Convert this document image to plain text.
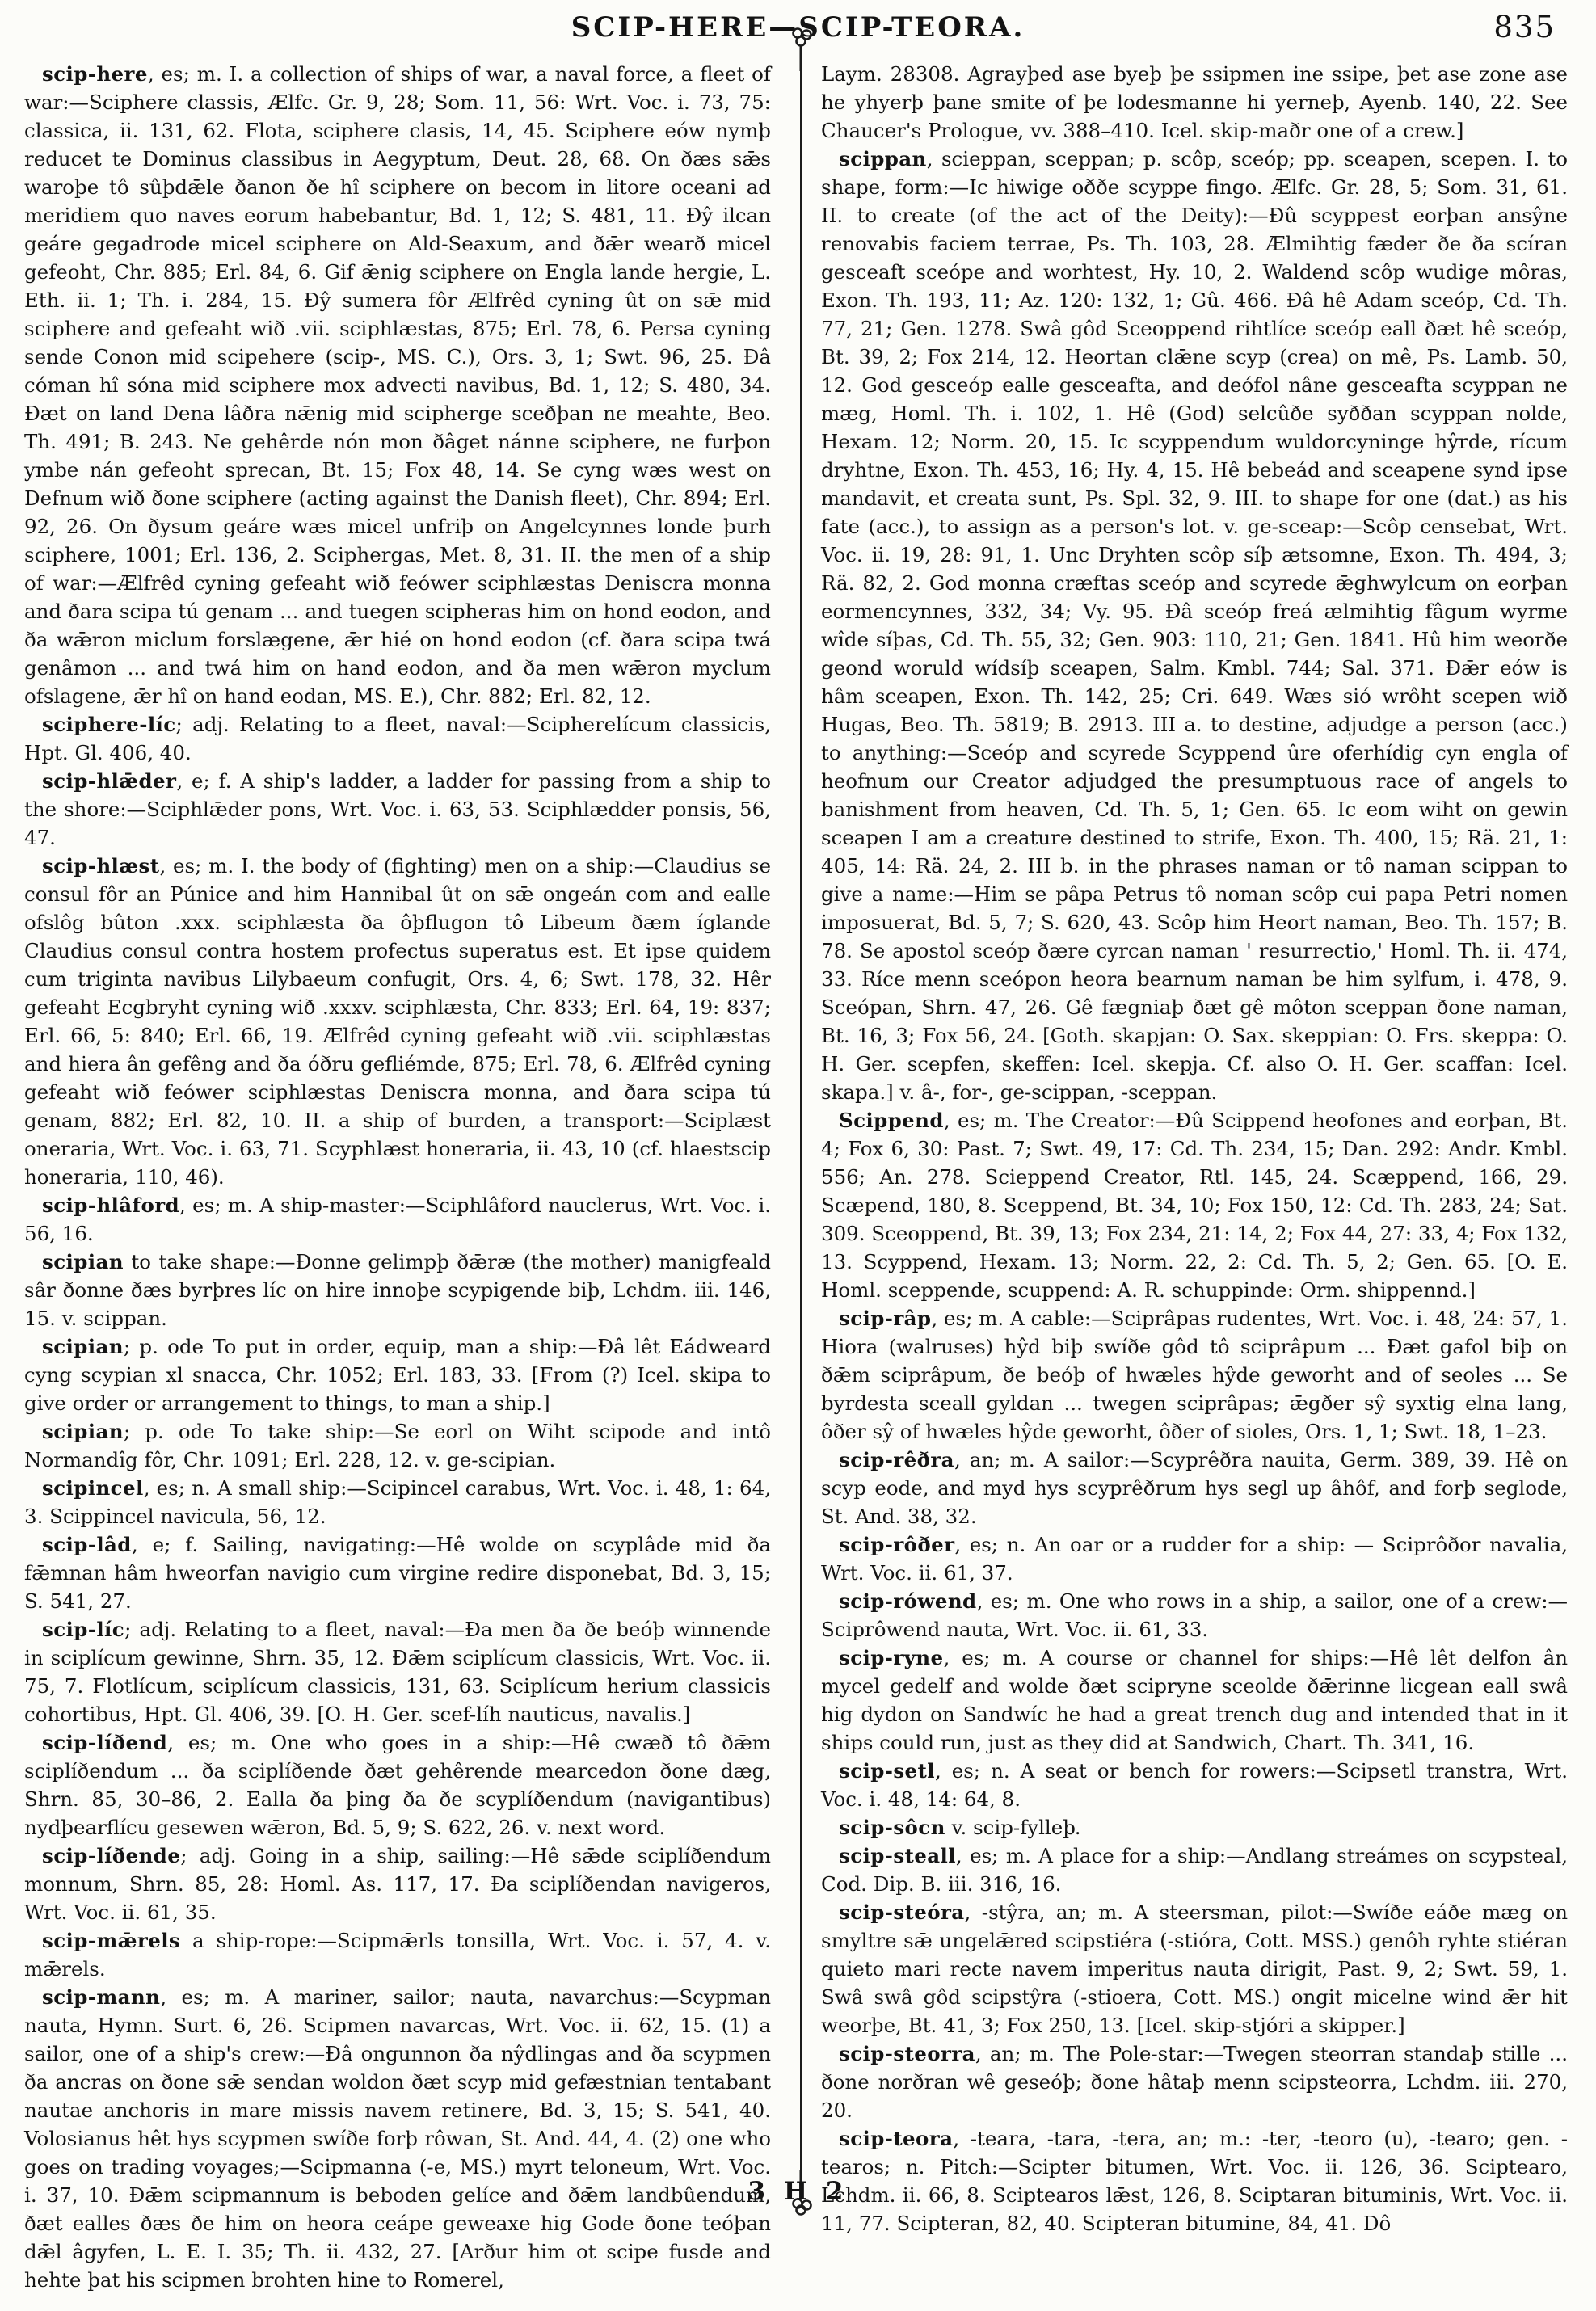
SCIP-HERE—SCIP-TEORA.	835

scip-here, es; m. I. a collection of ships of war, a naval force, a fleet of war:—Sciphere classis, Ælfc. Gr. 9, 28; Som. 11, 56: Wrt. Voc. i. 73, 75: classica, ii. 131, 62. Flota, sciphere clasis, 14, 45. Sciphere eów nymþ reducet te Dominus classibus in Aegyptum, Deut. 28, 68. On ðæs sǣs waroþe tô sûþdǣle ðanon ðe hî sciphere on becom in litore oceani ad meridiem quo naves eorum habebantur, Bd. 1, 12; S. 481, 11. Ðŷ ilcan geáre gegadrode micel sciphere on Ald-Seaxum, and ðǣr wearð micel gefeoht, Chr. 885; Erl. 84, 6. Gif ǣnig sciphere on Engla lande hergie, L. Eth. ii. 1; Th. i. 284, 15. Ðŷ sumera fôr Ælfrêd cyning ût on sǣ mid sciphere and gefeaht wið .vii. sciphlæstas, 875; Erl. 78, 6. Persa cyning sende Conon mid scipehere (scip-, MS. C.), Ors. 3, 1; Swt. 96, 25. Ðâ cóman hî sóna mid sciphere mox advecti navibus, Bd. 1, 12; S. 480, 34. Ðæt on land Dena lâðra nǣnig mid scipherge sceðþan ne meahte, Beo. Th. 491; B. 243. Ne gehêrde nón mon ðâget nánne sciphere, ne furþon ymbe nán gefeoht sprecan, Bt. 15; Fox 48, 14. Se cyng wæs west on Defnum wið ðone sciphere (acting against the Danish fleet), Chr. 894; Erl. 92, 26. On ðysum geáre wæs micel unfriþ on Angelcynnes londe þurh sciphere, 1001; Erl. 136, 2. Sciphergas, Met. 8, 31. II. the men of a ship of war:—Ælfrêd cyning gefeaht wið feówer sciphlæstas Deniscra monna and ðara scipa tú genam ... and tuegen scipheras him on hond eodon, and ða wǣron miclum forslægene, ǣr hié on hond eodon (cf. ðara scipa twá genâmon ... and twá him on hand eodon, and ða men wǣron myclum ofslagene, ǣr hî on hand eodan, MS. E.), Chr. 882; Erl. 82, 12.

sciphere-líc; adj. Relating to a fleet, naval:—Scipherelícum classicis, Hpt. Gl. 406, 40.

scip-hlǣder, e; f. A ship's ladder, a ladder for passing from a ship to the shore:—Sciphlǣder pons, Wrt. Voc. i. 63, 53. Sciphlædder ponsis, 56, 47.

scip-hlæst, es; m. I. the body of (fighting) men on a ship:—Claudius se consul fôr an Púnice and him Hannibal ût on sǣ ongeán com and ealle ofslôg bûton .xxx. sciphlæsta ða ôþflugon tô Libeum ðæm íglande Claudius consul contra hostem profectus superatus est. Et ipse quidem cum triginta navibus Lilybaeum confugit, Ors. 4, 6; Swt. 178, 32. Hêr gefeaht Ecgbryht cyning wið .xxxv. sciphlæsta, Chr. 833; Erl. 64, 19: 837; Erl. 66, 5: 840; Erl. 66, 19. Ælfrêd cyning gefeaht wið .vii. sciphlæstas and hiera ân gefêng and ða óðru gefliémde, 875; Erl. 78, 6. Ælfrêd cyning gefeaht wið feówer sciphlæstas Deniscra monna, and ðara scipa tú genam, 882; Erl. 82, 10. II. a ship of burden, a transport:—Sciplæst oneraria, Wrt. Voc. i. 63, 71. Scyphlæst honeraria, ii. 43, 10 (cf. hlaestscip honeraria, 110, 46).

scip-hlâford, es; m. A ship-master:—Sciphlâford nauclerus, Wrt. Voc. i. 56, 16.

scipian to take shape:—Ðonne gelimpþ ðǣræ (the mother) manigfeald sâr ðonne ðæs byrþres líc on hire innoþe scypigende biþ, Lchdm. iii. 146, 15. v. scippan.

scipian; p. ode To put in order, equip, man a ship:—Ðâ lêt Eádweard cyng scypian xl snacca, Chr. 1052; Erl. 183, 33. [From (?) Icel. skipa to give order or arrangement to things, to man a ship.]

scipian; p. ode To take ship:—Se eorl on Wiht scipode and intô Normandîg fôr, Chr. 1091; Erl. 228, 12. v. ge-scipian.

scipincel, es; n. A small ship:—Scipincel carabus, Wrt. Voc. i. 48, 1: 64, 3. Scippincel navicula, 56, 12.

scip-lâd, e; f. Sailing, navigating:—Hê wolde on scyplâde mid ða fǣmnan hâm hweorfan navigio cum virgine redire disponebat, Bd. 3, 15; S. 541, 27.

scip-líc; adj. Relating to a fleet, naval:—Ða men ða ðe beóþ winnende in sciplícum gewinne, Shrn. 35, 12. Ðǣm sciplícum classicis, Wrt. Voc. ii. 75, 7. Flotlícum, sciplícum classicis, 131, 63. Sciplícum herium classicis cohortibus, Hpt. Gl. 406, 39. [O. H. Ger. scef-líh nauticus, navalis.]

scip-líðend, es; m. One who goes in a ship:—Hê cwæð tô ðǣm sciplíðendum ... ða sciplíðende ðæt gehêrende mearcedon ðone dæg, Shrn. 85, 30–86, 2. Ealla ða þing ða ðe scyplíðendum (navigantibus) nydþearflícu gesewen wǣron, Bd. 5, 9; S. 622, 26. v. next word.

scip-líðende; adj. Going in a ship, sailing:—Hê sǣde sciplíðendum monnum, Shrn. 85, 28: Homl. As. 117, 17. Ða sciplíðendan navigeros, Wrt. Voc. ii. 61, 35.

scip-mǣrels a ship-rope:—Scipmǣrls tonsilla, Wrt. Voc. i. 57, 4. v. mǣrels.

scip-mann, es; m. A mariner, sailor; nauta, navarchus:—Scypman nauta, Hymn. Surt. 6, 26. Scipmen navarcas, Wrt. Voc. ii. 62, 15. (1) a sailor, one of a ship's crew:—Ðâ ongunnon ða nŷdlingas and ða scypmen ða ancras on ðone sǣ sendan woldon ðæt scyp mid gefæstnian tentabant nautae anchoris in mare missis navem retinere, Bd. 3, 15; S. 541, 40. Volosianus hêt hys scypmen swíðe forþ rôwan, St. And. 44, 4. (2) one who goes on trading voyages;—Scipmanna (-e, MS.) myrt teloneum, Wrt. Voc. i. 37, 10. Ðǣm scipmannum is beboden gelíce and ðǣm landbûendum, ðæt ealles ðæs ðe him on heora ceápe geweaxe hig Gode ðone teóþan dǣl âgyfen, L. E. I. 35; Th. ii. 432, 27. [Arður him ot scipe fusde and hehte þat his scipmen brohten hine to Romerel,

Laym. 28308. Agrayþed ase byeþ þe ssipmen ine ssipe, þet ase zone ase he yhyerþ þane smite of þe lodesmanne hi yerneþ, Ayenb. 140, 22. See Chaucer's Prologue, vv. 388–410. Icel. skip-maðr one of a crew.]

scippan, scieppan, sceppan; p. scôp, sceóp; pp. sceapen, scepen. I. to shape, form:—Ic hiwige oððe scyppe fingo. Ælfc. Gr. 28, 5; Som. 31, 61. II. to create (of the act of the Deity):—Ðû scyppest eorþan ansŷne renovabis faciem terrae, Ps. Th. 103, 28. Ælmihtig fæder ðe ða scíran gesceaft sceópe and worhtest, Hy. 10, 2. Waldend scôp wudige môras, Exon. Th. 193, 11; Az. 120: 132, 1; Gû. 466. Ðâ hê Adam sceóp, Cd. Th. 77, 21; Gen. 1278. Swâ gôd Sceoppend rihtlíce sceóp eall ðæt hê sceóp, Bt. 39, 2; Fox 214, 12. Heortan clǣne scyp (crea) on mê, Ps. Lamb. 50, 12. God gesceóp ealle gesceafta, and deófol nâne gesceafta scyppan ne mæg, Homl. Th. i. 102, 1. Hê (God) selcûðe syððan scyppan nolde, Hexam. 12; Norm. 20, 15. Ic scyppendum wuldorcyninge hŷrde, rícum dryhtne, Exon. Th. 453, 16; Hy. 4, 15. Hê bebeád and sceapene synd ipse mandavit, et creata sunt, Ps. Spl. 32, 9. III. to shape for one (dat.) as his fate (acc.), to assign as a person's lot. v. ge-sceap:—Scôp censebat, Wrt. Voc. ii. 19, 28: 91, 1. Unc Dryhten scôp síþ ætsomne, Exon. Th. 494, 3; Rä. 82, 2. God monna cræftas sceóp and scyrede ǣghwylcum on eorþan eormencynnes, 332, 34; Vy. 95. Ðâ sceóp freá ælmihtig fâgum wyrme wîde síþas, Cd. Th. 55, 32; Gen. 903: 110, 21; Gen. 1841. Hû him weorðe geond woruld wídsíþ sceapen, Salm. Kmbl. 744; Sal. 371. Ðǣr eów is hâm sceapen, Exon. Th. 142, 25; Cri. 649. Wæs sió wrôht scepen wið Hugas, Beo. Th. 5819; B. 2913. III a. to destine, adjudge a person (acc.) to anything:—Sceóp and scyrede Scyppend ûre oferhídig cyn engla of heofnum our Creator adjudged the presumptuous race of angels to banishment from heaven, Cd. Th. 5, 1; Gen. 65. Ic eom wiht on gewin sceapen I am a creature destined to strife, Exon. Th. 400, 15; Rä. 21, 1: 405, 14: Rä. 24, 2. III b. in the phrases naman or tô naman scippan to give a name:—Him se pâpa Petrus tô noman scôp cui papa Petri nomen imposuerat, Bd. 5, 7; S. 620, 43. Scôp him Heort naman, Beo. Th. 157; B. 78. Se apostol sceóp ðære cyrcan naman ' resurrectio,' Homl. Th. ii. 474, 33. Ríce menn sceópon heora bearnum naman be him sylfum, i. 478, 9. Sceópan, Shrn. 47, 26. Gê fægniaþ ðæt gê môton sceppan ðone naman, Bt. 16, 3; Fox 56, 24. [Goth. skapjan: O. Sax. skeppian: O. Frs. skeppa: O. H. Ger. scepfen, skeffen: Icel. skepja. Cf. also O. H. Ger. scaffan: Icel. skapa.] v. â-, for-, ge-scippan, -sceppan.

Scippend, es; m. The Creator:—Ðû Scippend heofones and eorþan, Bt. 4; Fox 6, 30: Past. 7; Swt. 49, 17: Cd. Th. 234, 15; Dan. 292: Andr. Kmbl. 556; An. 278. Scieppend Creator, Rtl. 145, 24. Scæppend, 166, 29. Scæpend, 180, 8. Sceppend, Bt. 34, 10; Fox 150, 12: Cd. Th. 283, 24; Sat. 309. Sceoppend, Bt. 39, 13; Fox 234, 21: 14, 2; Fox 44, 27: 33, 4; Fox 132, 13. Scyppend, Hexam. 13; Norm. 22, 2: Cd. Th. 5, 2; Gen. 65. [O. E. Homl. sceppende, scuppend: A. R. schuppinde: Orm. shippennd.]

scip-râp, es; m. A cable:—Sciprâpas rudentes, Wrt. Voc. i. 48, 24: 57, 1. Hiora (walruses) hŷd biþ swíðe gôd tô sciprâpum ... Ðæt gafol biþ on ðǣm sciprâpum, ðe beóþ of hwæles hŷde geworht and of seoles ... Se byrdesta sceall gyldan ... twegen sciprâpas; ǣgðer sŷ syxtig elna lang, ôðer sŷ of hwæles hŷde geworht, ôðer of sioles, Ors. 1, 1; Swt. 18, 1–23.

scip-rêðra, an; m. A sailor:—Scyprêðra nauita, Germ. 389, 39. Hê on scyp eode, and myd hys scyprêðrum hys segl up âhôf, and forþ seglode, St. And. 38, 32.

scip-rôðer, es; n. An oar or a rudder for a ship: — Sciprôðor navalia, Wrt. Voc. ii. 61, 37.

scip-rówend, es; m. One who rows in a ship, a sailor, one of a crew:—Sciprôwend nauta, Wrt. Voc. ii. 61, 33.

scip-ryne, es; m. A course or channel for ships:—Hê lêt delfon ân mycel gedelf and wolde ðæt scipryne sceolde ðǣrinne licgean eall swâ hig dydon on Sandwíc he had a great trench dug and intended that in it ships could run, just as they did at Sandwich, Chart. Th. 341, 16.

scip-setl, es; n. A seat or bench for rowers:—Scipsetl transtra, Wrt. Voc. i. 48, 14: 64, 8.

scip-sôcn v. scip-fylleþ.

scip-steall, es; m. A place for a ship:—Andlang streámes on scypsteal, Cod. Dip. B. iii. 316, 16.

scip-steóra, -stŷra, an; m. A steersman, pilot:—Swíðe eáðe mæg on smyltre sǣ ungelǣred scipstiéra (-stióra, Cott. MSS.) genôh ryhte stiéran quieto mari recte navem imperitus nauta dirigit, Past. 9, 2; Swt. 59, 1. Swâ swâ gôd scipstŷra (-stioera, Cott. MS.) ongit micelne wind ǣr hit weorþe, Bt. 41, 3; Fox 250, 13. [Icel. skip-stjóri a skipper.]

scip-steorra, an; m. The Pole-star:—Twegen steorran standaþ stille ... ðone norðran wê geseóþ; ðone hâtaþ menn scipsteorra, Lchdm. iii. 270, 20.

scip-teora, -teara, -tara, -tera, an; m.: -ter, -teoro (u), -tearo; gen. -tearos; n. Pitch:—Scipter bitumen, Wrt. Voc. ii. 126, 36. Sciptearo, Lchdm. ii. 66, 8. Sciptearos lǣst, 126, 8. Sciptaran bituminis, Wrt. Voc. ii. 11, 77. Scipteran, 82, 40. Scipteran bitumine, 84, 41. Dô

3 H 2
